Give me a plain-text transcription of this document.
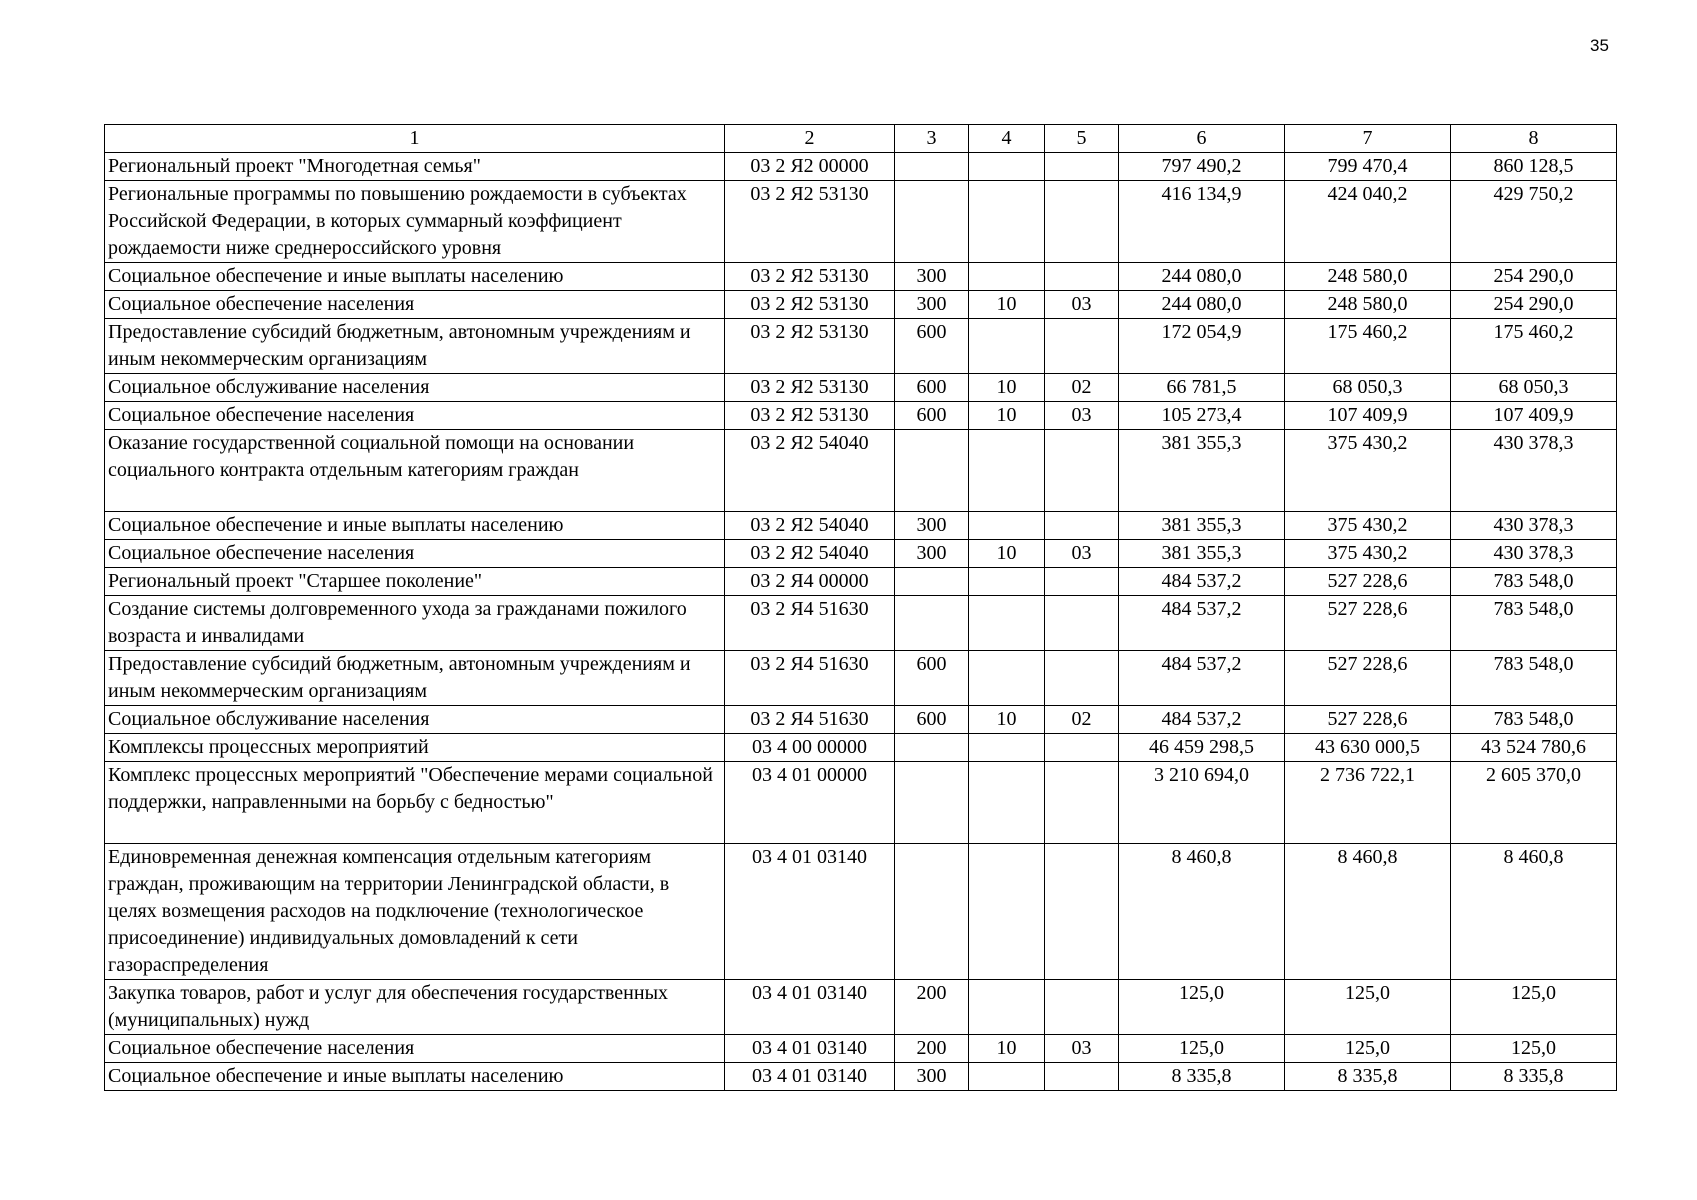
35
1	2	3	4	5	6	7	8
Региональный проект "Многодетная семья"	03 2 Я2 00000				797 490,2	799 470,4	860 128,5
Региональные программы по повышению рождаемости в субъектах Российской Федерации, в которых суммарный коэффициент рождаемости ниже среднероссийского уровня	03 2 Я2 53130				416 134,9	424 040,2	429 750,2
Социальное обеспечение и иные выплаты населению	03 2 Я2 53130	300			244 080,0	248 580,0	254 290,0
Социальное обеспечение населения	03 2 Я2 53130	300	10	03	244 080,0	248 580,0	254 290,0
Предоставление субсидий бюджетным, автономным учреждениям и иным некоммерческим организациям	03 2 Я2 53130	600			172 054,9	175 460,2	175 460,2
Социальное обслуживание населения	03 2 Я2 53130	600	10	02	66 781,5	68 050,3	68 050,3
Социальное обеспечение населения	03 2 Я2 53130	600	10	03	105 273,4	107 409,9	107 409,9
Оказание государственной социальной помощи на основании социального контракта отдельным категориям граждан	03 2 Я2 54040				381 355,3	375 430,2	430 378,3
Социальное обеспечение и иные выплаты населению	03 2 Я2 54040	300			381 355,3	375 430,2	430 378,3
Социальное обеспечение населения	03 2 Я2 54040	300	10	03	381 355,3	375 430,2	430 378,3
Региональный проект "Старшее поколение"	03 2 Я4 00000				484 537,2	527 228,6	783 548,0
Создание системы долговременного ухода за гражданами пожилого возраста и инвалидами	03 2 Я4 51630				484 537,2	527 228,6	783 548,0
Предоставление субсидий бюджетным, автономным учреждениям и иным некоммерческим организациям	03 2 Я4 51630	600			484 537,2	527 228,6	783 548,0
Социальное обслуживание населения	03 2 Я4 51630	600	10	02	484 537,2	527 228,6	783 548,0
Комплексы процессных мероприятий	03 4 00 00000				46 459 298,5	43 630 000,5	43 524 780,6
Комплекс процессных мероприятий "Обеспечение мерами социальной поддержки, направленными на борьбу с бедностью"	03 4 01 00000				3 210 694,0	2 736 722,1	2 605 370,0
Единовременная денежная компенсация отдельным категориям граждан, проживающим на территории Ленинградской области, в целях возмещения расходов на подключение (технологическое присоединение) индивидуальных домовладений к сети газораспределения	03 4 01 03140				8 460,8	8 460,8	8 460,8
Закупка товаров, работ и услуг для обеспечения государственных (муниципальных) нужд	03 4 01 03140	200			125,0	125,0	125,0
Социальное обеспечение населения	03 4 01 03140	200	10	03	125,0	125,0	125,0
Социальное обеспечение и иные выплаты населению	03 4 01 03140	300			8 335,8	8 335,8	8 335,8
